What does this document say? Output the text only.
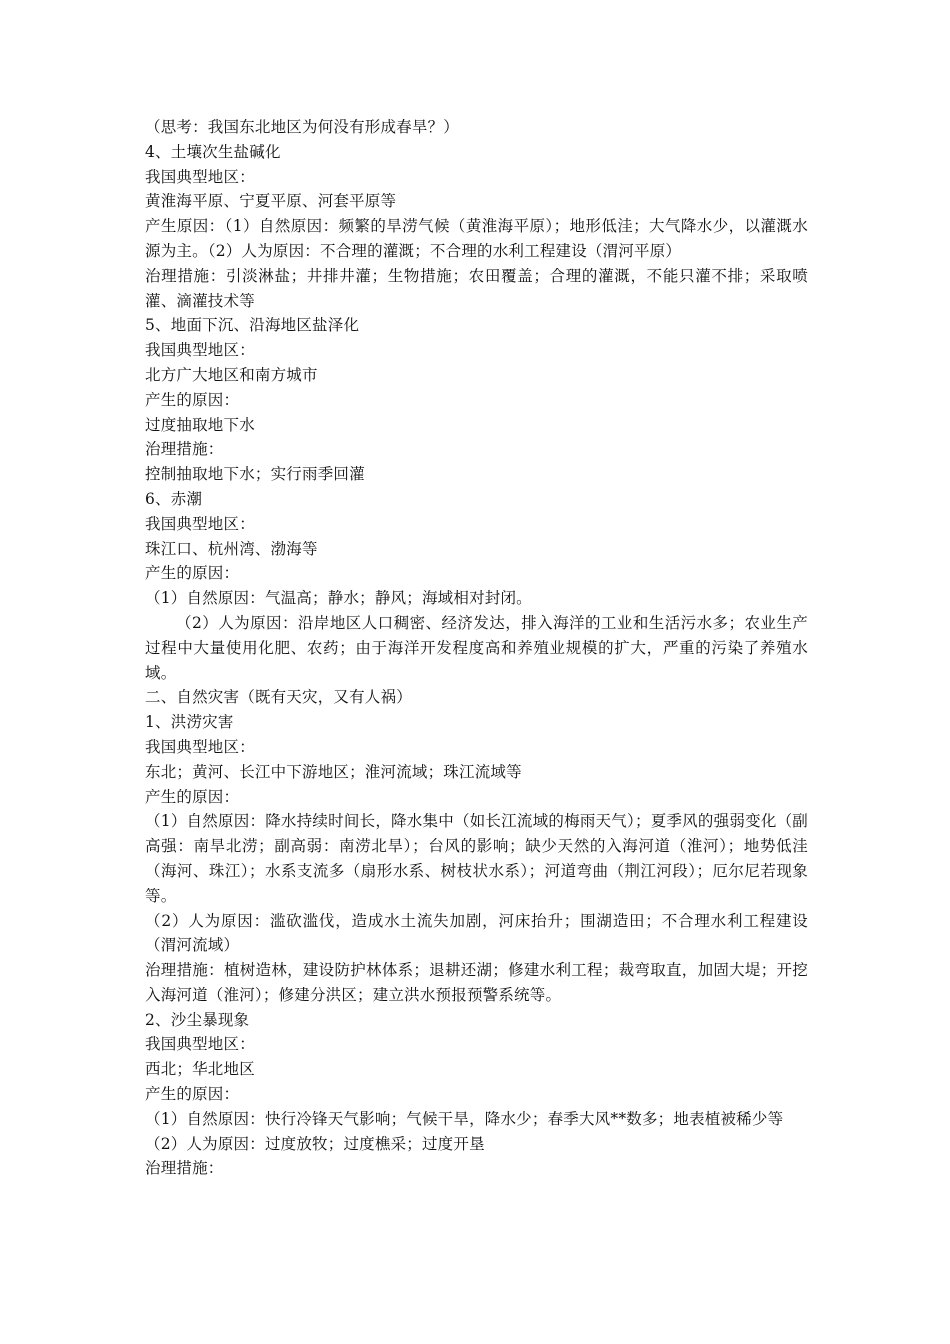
（思考：我国东北地区为何没有形成春旱？）
4、土壤次生盐碱化
我国典型地区：
黄淮海平原、宁夏平原、河套平原等
产生原因：（1）自然原因：频繁的旱涝气候（黄淮海平原）；地形低洼；大气降水少，以灌溉水源为主。（2）人为原因：不合理的灌溉；不合理的水利工程建设（渭河平原）
治理措施：引淡淋盐；井排井灌；生物措施；农田覆盖；合理的灌溉，不能只灌不排；采取喷灌、滴灌技术等
5、地面下沉、沿海地区盐泽化
我国典型地区：
北方广大地区和南方城市
产生的原因：
过度抽取地下水
治理措施：
控制抽取地下水；实行雨季回灌
6、赤潮
我国典型地区：
珠江口、杭州湾、渤海等
产生的原因：
（1）自然原因：气温高；静水；静风；海域相对封闭。
（2）人为原因：沿岸地区人口稠密、经济发达，排入海洋的工业和生活污水多；农业生产过程中大量使用化肥、农药；由于海洋开发程度高和养殖业规模的扩大，严重的污染了养殖水域。
二、自然灾害（既有天灾，又有人祸）
1、洪涝灾害
我国典型地区：
东北；黄河、长江中下游地区；淮河流域；珠江流域等
产生的原因：
（1）自然原因：降水持续时间长，降水集中（如长江流域的梅雨天气）；夏季风的强弱变化（副高强：南旱北涝；副高弱：南涝北旱）；台风的影响；缺少天然的入海河道（淮河）；地势低洼（海河、珠江）；水系支流多（扇形水系、树枝状水系）；河道弯曲（荆江河段）；厄尔尼若现象等。
（2）人为原因：滥砍滥伐，造成水土流失加剧，河床抬升；围湖造田；不合理水利工程建设（渭河流域）
治理措施：植树造林，建设防护林体系；退耕还湖；修建水利工程；裁弯取直，加固大堤；开挖入海河道（淮河）；修建分洪区；建立洪水预报预警系统等。
2、沙尘暴现象
我国典型地区：
西北；华北地区
产生的原因：
（1）自然原因：快行冷锋天气影响；气候干旱，降水少；春季大风**数多；地表植被稀少等
（2）人为原因：过度放牧；过度樵采；过度开垦
治理措施：
